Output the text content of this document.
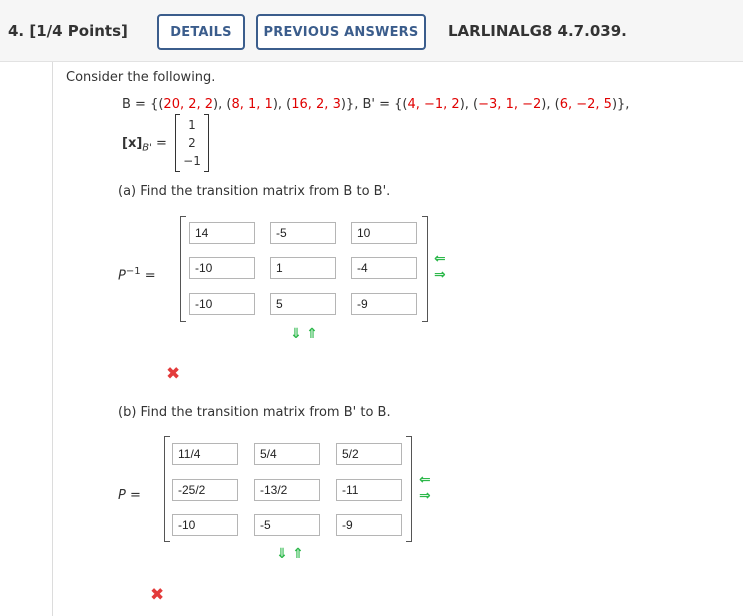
4. [1/4 Points]	DETAILS	PREVIOUS ANSWERS	LARLINALG8 4.7.039.
Consider the following.
B = {(20, 2, 2), (8, 1, 1), (16, 2, 3)}, B' = {(4, −1, 2), (−3, 1, −2), (6, −2, 5)},
$[x]_{B'}$ =
1
2
−1
(a) Find the transition matrix from B to B'.
$P^{-1}$ =
14	-5	10
-10	1	-4
-10	5	-9
⇐
⇒
⇓ ⇑
✖
(b) Find the transition matrix from B' to B.
P =
11/4	5/4	5/2
-25/2	-13/2	-11
-10	-5	-9
⇐
⇒
⇓ ⇑
✖
